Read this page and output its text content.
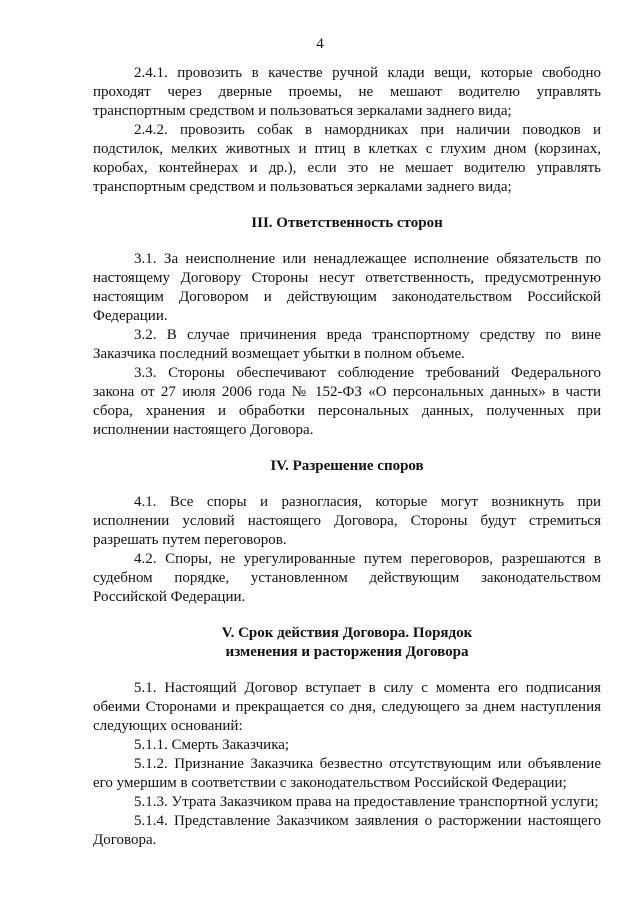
4

2.4.1. провозить в качестве ручной клади вещи, которые свободно проходят через дверные проемы, не мешают водителю управлять транспортным средством и пользоваться зеркалами заднего вида;

2.4.2. провозить собак в намордниках при наличии поводков и подстилок, мелких животных и птиц в клетках с глухим дном (корзинах, коробах, контейнерах и др.), если это не мешает водителю управлять транспортным средством и пользоваться зеркалами заднего вида;

III. Ответственность сторон

3.1. За неисполнение или ненадлежащее исполнение обязательств по настоящему Договору Стороны несут ответственность, предусмотренную настоящим Договором и действующим законодательством Российской Федерации.

3.2. В случае причинения вреда транспортному средству по вине Заказчика последний возмещает убытки в полном объеме.

3.3. Стороны обеспечивают соблюдение требований Федерального закона от 27 июля 2006 года № 152-ФЗ «О персональных данных» в части сбора, хранения и обработки персональных данных, полученных при исполнении настоящего Договора.

IV. Разрешение споров

4.1. Все споры и разногласия, которые могут возникнуть при исполнении условий настоящего Договора, Стороны будут стремиться разрешать путем переговоров.

4.2. Споры, не урегулированные путем переговоров, разрешаются в судебном порядке, установленном действующим законодательством Российской Федерации.

V. Срок действия Договора. Порядок

изменения и расторжения Договора

5.1. Настоящий Договор вступает в силу с момента его подписания обеими Сторонами и прекращается со дня, следующего за днем наступления следующих оснований:

5.1.1. Смерть Заказчика;

5.1.2. Признание Заказчика безвестно отсутствующим или объявление его умершим в соответствии с законодательством Российской Федерации;

5.1.3. Утрата Заказчиком права на предоставление транспортной услуги;

5.1.4. Представление Заказчиком заявления о расторжении настоящего Договора.
